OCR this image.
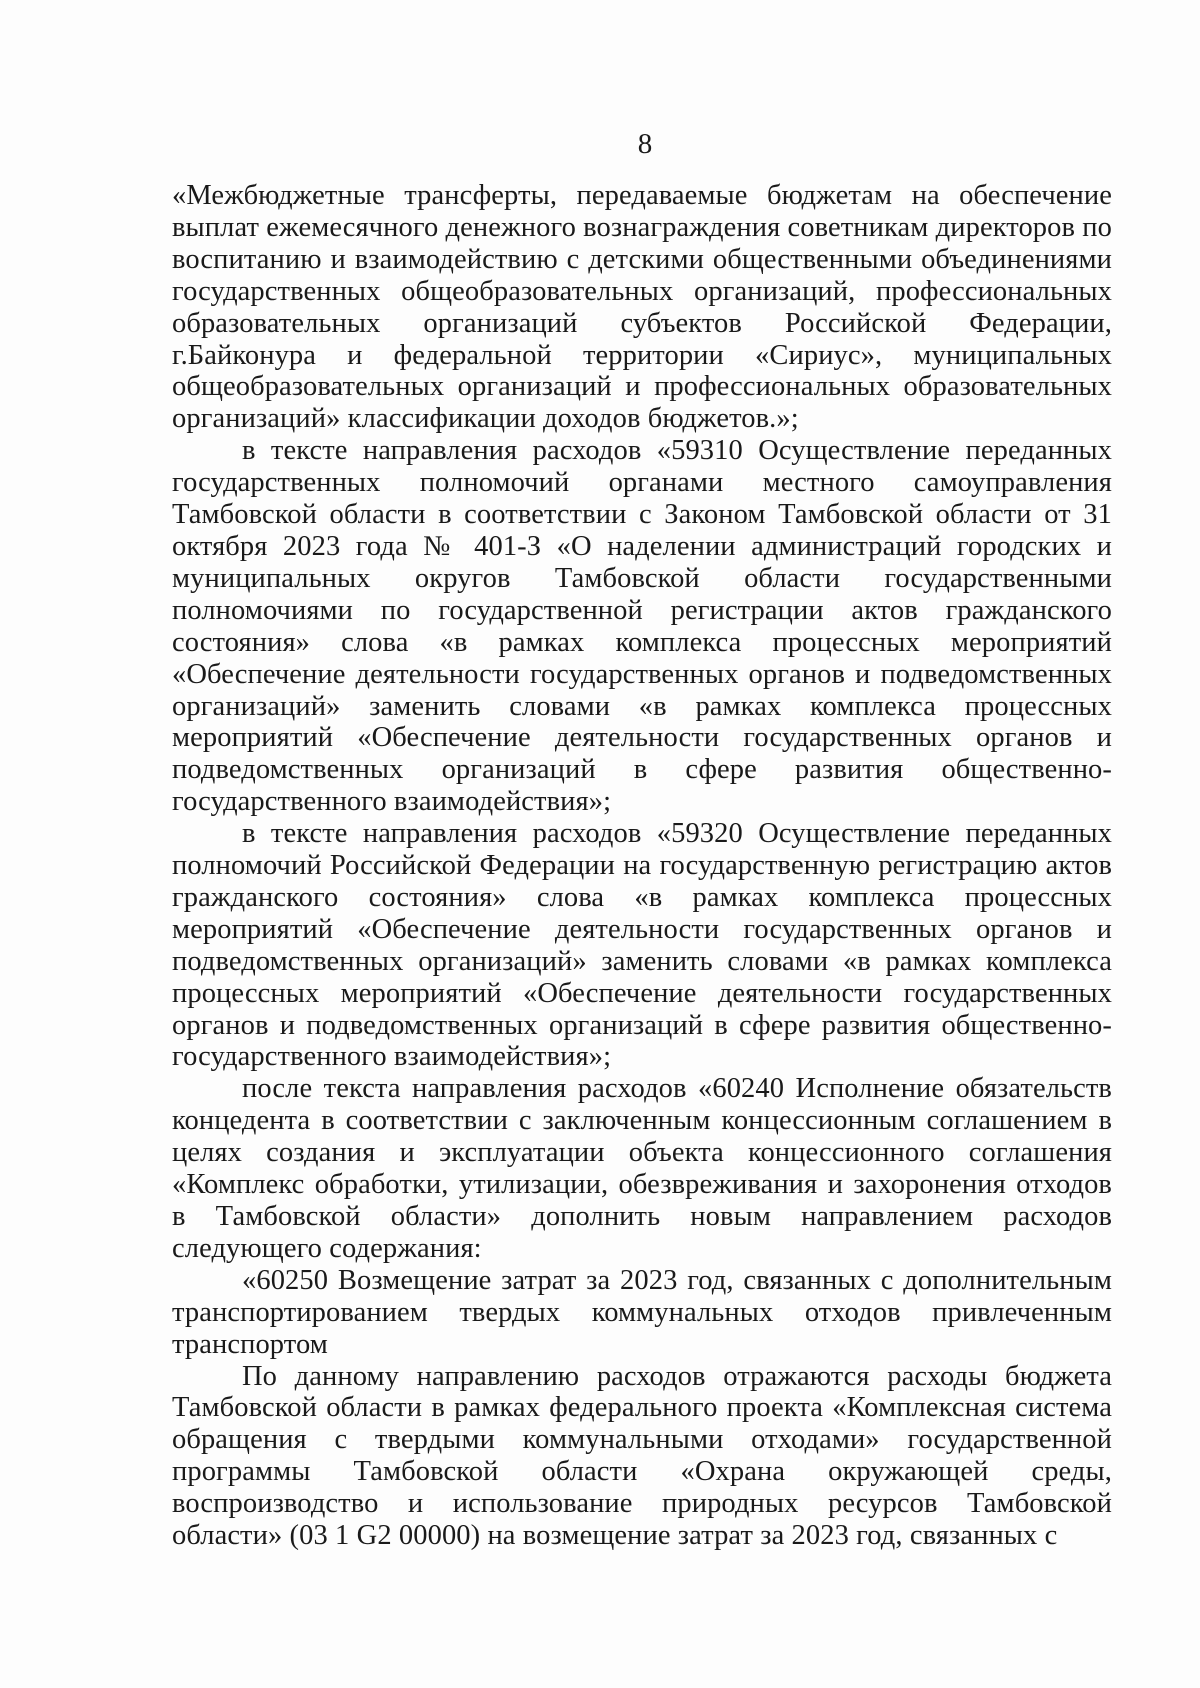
8

«Межбюджетные трансферты, передаваемые бюджетам на обеспечение выплат ежемесячного денежного вознаграждения советникам директоров по воспитанию и взаимодействию с детскими общественными объединениями государственных общеобразовательных организаций, профессиональных образовательных организаций субъектов Российской Федерации, г.Байконура и федеральной территории «Сириус», муниципальных общеобразовательных организаций и профессиональных образовательных организаций» классификации доходов бюджетов.»;

в тексте направления расходов «59310 Осуществление переданных государственных полномочий органами местного самоуправления Тамбовской области в соответствии с Законом Тамбовской области от 31 октября 2023 года № 401-З «О наделении администраций городских и муниципальных округов Тамбовской области государственными полномочиями по государственной регистрации актов гражданского состояния» слова «в рамках комплекса процессных мероприятий «Обеспечение деятельности государственных органов и подведомственных организаций» заменить словами «в рамках комплекса процессных мероприятий «Обеспечение деятельности государственных органов и подведомственных организаций в сфере развития общественно-государственного взаимодействия»;

в тексте направления расходов «59320 Осуществление переданных полномочий Российской Федерации на государственную регистрацию актов гражданского состояния» слова «в рамках комплекса процессных мероприятий «Обеспечение деятельности государственных органов и подведомственных организаций» заменить словами «в рамках комплекса процессных мероприятий «Обеспечение деятельности государственных органов и подведомственных организаций в сфере развития общественно-государственного взаимодействия»;

после текста направления расходов «60240 Исполнение обязательств концедента в соответствии с заключенным концессионным соглашением в целях создания и эксплуатации объекта концессионного соглашения «Комплекс обработки, утилизации, обезвреживания и захоронения отходов в Тамбовской области» дополнить новым направлением расходов следующего содержания:

«60250 Возмещение затрат за 2023 год, связанных с дополнительным транспортированием твердых коммунальных отходов привлеченным транспортом

По данному направлению расходов отражаются расходы бюджета Тамбовской области в рамках федерального проекта «Комплексная система обращения с твердыми коммунальными отходами» государственной программы Тамбовской области «Охрана окружающей среды, воспроизводство и использование природных ресурсов Тамбовской области» (03 1 G2 00000) на возмещение затрат за 2023 год, связанных с
